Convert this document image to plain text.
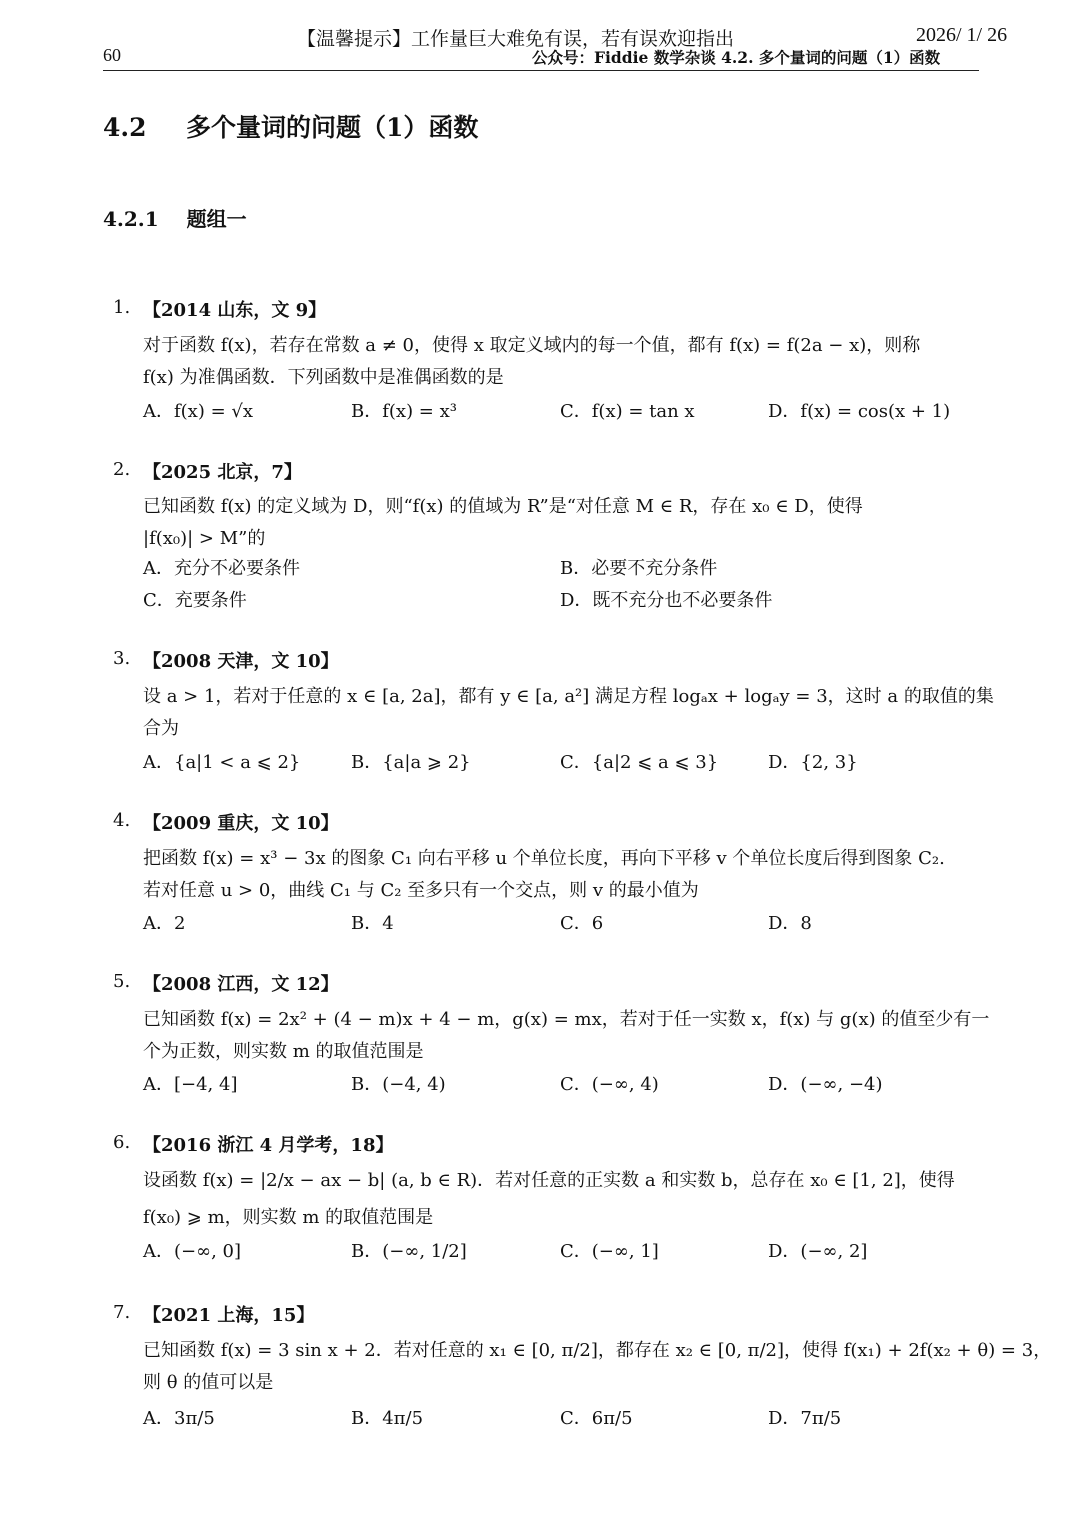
【温馨提示】工作量巨大难免有误，若有误欢迎指出	2026/ 1/ 26
60	公众号：Fiddie 数学杂谈 4.2. 多个量词的问题（1）函数
4.2 多个量词的问题（1）函数
4.2.1 题组一
1. 【2014 山东，文 9】
对于函数 f(x)，若存在常数 a ≠ 0，使得 x 取定义域内的每一个值，都有 f(x) = f(2a − x)，则称
f(x) 为准偶函数．下列函数中是准偶函数的是
A．f(x) = √x	B．f(x) = x³	C．f(x) = tan x	D．f(x) = cos(x + 1)
2. 【2025 北京，7】
已知函数 f(x) 的定义域为 D，则“f(x) 的值域为 R”是“对任意 M ∈ R，存在 x₀ ∈ D，使得
|f(x₀)| > M”的
A．充分不必要条件	B．必要不充分条件
C．充要条件	D．既不充分也不必要条件
3. 【2008 天津，文 10】
设 a > 1，若对于任意的 x ∈ [a, 2a]，都有 y ∈ [a, a²] 满足方程 logₐx + logₐy = 3，这时 a 的取值的集
合为
A．{a|1 < a ⩽ 2}	B．{a|a ⩾ 2}	C．{a|2 ⩽ a ⩽ 3}	D．{2, 3}
4. 【2009 重庆，文 10】
把函数 f(x) = x³ − 3x 的图象 C₁ 向右平移 u 个单位长度，再向下平移 v 个单位长度后得到图象 C₂.
若对任意 u > 0，曲线 C₁ 与 C₂ 至多只有一个交点，则 v 的最小值为
A．2	B．4	C．6	D．8
5. 【2008 江西，文 12】
已知函数 f(x) = 2x² + (4 − m)x + 4 − m，g(x) = mx，若对于任一实数 x，f(x) 与 g(x) 的值至少有一
个为正数，则实数 m 的取值范围是
A．[−4, 4]	B．(−4, 4)	C．(−∞, 4)	D．(−∞, −4)
6. 【2016 浙江 4 月学考，18】
设函数 f(x) = |2/x − ax − b| (a, b ∈ R)．若对任意的正实数 a 和实数 b，总存在 x₀ ∈ [1, 2]，使得
f(x₀) ⩾ m，则实数 m 的取值范围是
A．(−∞, 0]	B．(−∞, 1/2]	C．(−∞, 1]	D．(−∞, 2]
7. 【2021 上海，15】
已知函数 f(x) = 3 sin x + 2．若对任意的 x₁ ∈ [0, π/2]，都存在 x₂ ∈ [0, π/2]，使得 f(x₁) + 2f(x₂ + θ) = 3，
则 θ 的值可以是
A．3π/5	B．4π/5	C．6π/5	D．7π/5
